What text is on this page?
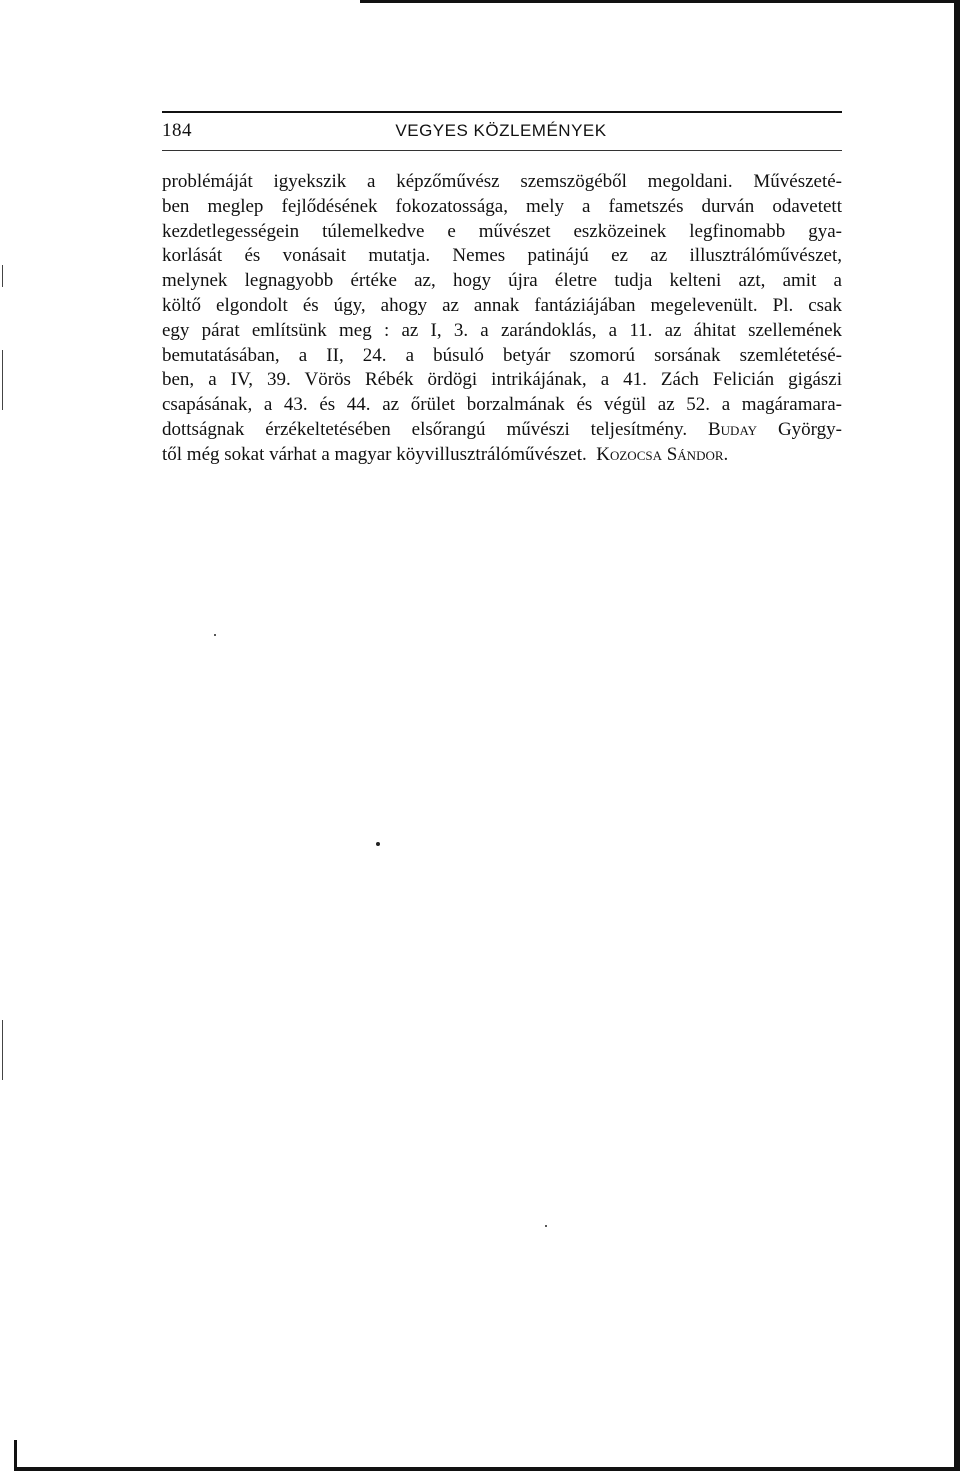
184	VEGYES KÖZLEMÉNYEK
problémáját igyekszik a képzőművész szemszögéből megoldani. Művészeté-
ben meglep fejlődésének fokozatossága, mely a fametszés durván odavetett
kezdetlegességein túlemelkedve e művészet eszközeinek legfinomabb gya-
korlását és vonásait mutatja. Nemes patinájú ez az illusztrálóművészet,
melynek legnagyobb értéke az, hogy újra életre tudja kelteni azt, amit a
költő elgondolt és úgy, ahogy az annak fantáziájában megelevenült. Pl. csak
egy párat említsünk meg : az I, 3. a zarándoklás, a 11. az áhitat szellemének
bemutatásában, a II, 24. a búsuló betyár szomorú sorsának szemlétetésé-
ben, a IV, 39. Vörös Rébék ördögi intrikájának, a 41. Zách Felicián gigászi
csapásának, a 43. és 44. az őrület borzalmának és végül az 52. a magáramara-
dottságnak érzékeltetésében elsőrangú művészi teljesítmény. Buday György-
től még sokat várhat a magyar köyvillusztrálóművészet. Kozocsa Sándor.
